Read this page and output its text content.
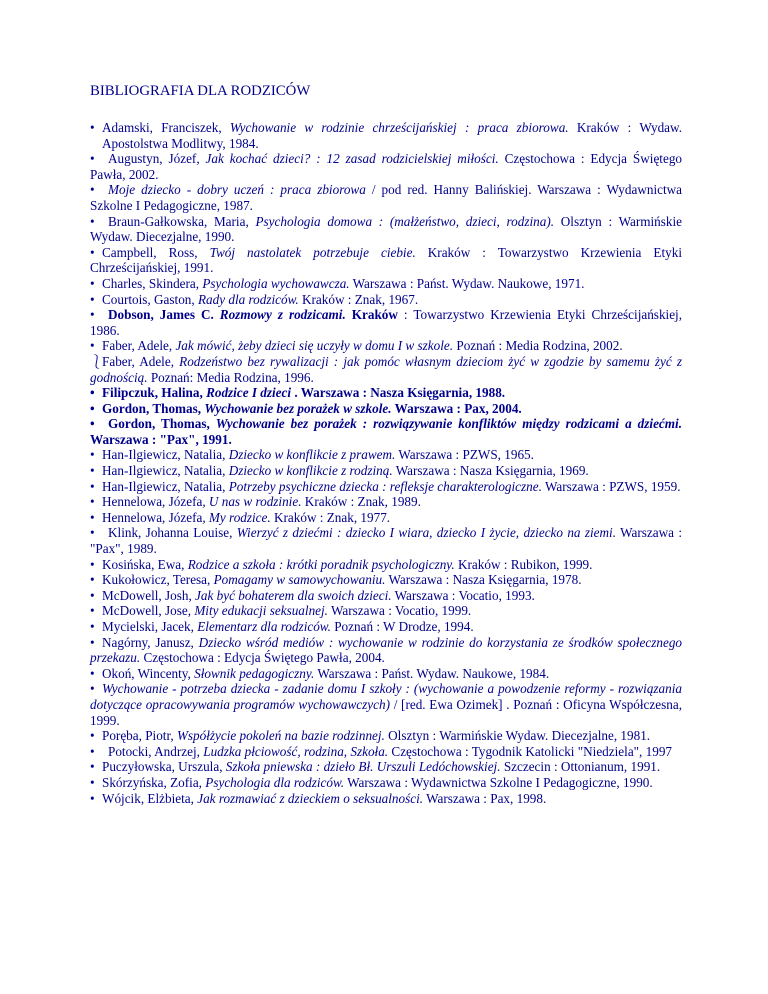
BIBLIOGRAFIA DLA RODZICÓW
• Adamski, Franciszek, Wychowanie w rodzinie chrześcijańskiej : praca zbiorowa. Kraków : Wydaw. Apostolstwa Modlitwy, 1984.
• Augustyn, Józef, Jak kochać dzieci? : 12 zasad rodzicielskiej miłości. Częstochowa : Edycja Świętego Pawła, 2002.
• Moje dziecko - dobry uczeń : praca zbiorowa / pod red. Hanny Balińskiej. Warszawa : Wydawnictwa Szkolne I Pedagogiczne, 1987.
• Braun-Gałkowska, Maria, Psychologia domowa : (małżeństwo, dzieci, rodzina). Olsztyn : Warmińskie Wydaw. Diecezjalne, 1990.
• Campbell, Ross, Twój nastolatek potrzebuje ciebie. Kraków : Towarzystwo Krzewienia Etyki Chrześcijańskiej, 1991.
• Charles, Skindera, Psychologia wychowawcza. Warszawa : Państ. Wydaw. Naukowe, 1971.
• Courtois, Gaston, Rady dla rodziców. Kraków : Znak, 1967.
• Dobson, James C. Rozmowy z rodzicami. Kraków : Towarzystwo Krzewienia Etyki Chrześcijańskiej, 1986.
• Faber, Adele, Jak mówić, żeby dzieci się uczyły w domu I w szkole. Poznań : Media Rodzina, 2002.
⎱Faber, Adele, Rodzeństwo bez rywalizacji : jak pomóc własnym dzieciom żyć w zgodzie by samemu żyć z godnością. Poznań: Media Rodzina, 1996.
• Filipczuk, Halina, Rodzice I dzieci . Warszawa : Nasza Księgarnia, 1988.
• Gordon, Thomas, Wychowanie bez porażek w szkole. Warszawa : Pax, 2004.
• Gordon, Thomas, Wychowanie bez porażek : rozwiązywanie konfliktów między rodzicami a dziećmi. Warszawa : "Pax", 1991.
• Han-Ilgiewicz, Natalia, Dziecko w konflikcie z prawem. Warszawa : PZWS, 1965.
• Han-Ilgiewicz, Natalia, Dziecko w konflikcie z rodziną. Warszawa : Nasza Księgarnia, 1969.
• Han-Ilgiewicz, Natalia, Potrzeby psychiczne dziecka : refleksje charakterologiczne. Warszawa : PZWS, 1959.
• Hennelowa, Józefa, U nas w rodzinie. Kraków : Znak, 1989.
• Hennelowa, Józefa, My rodzice. Kraków : Znak, 1977.
• Klink, Johanna Louise, Wierzyć z dziećmi : dziecko I wiara, dziecko I życie, dziecko na ziemi. Warszawa : "Pax", 1989.
• Kosińska, Ewa, Rodzice a szkoła : krótki poradnik psychologiczny. Kraków : Rubikon, 1999.
• Kukołowicz, Teresa, Pomagamy w samowychowaniu. Warszawa : Nasza Księgarnia, 1978.
• McDowell, Josh, Jak być bohaterem dla swoich dzieci. Warszawa : Vocatio, 1993.
• McDowell, Jose, Mity edukacji seksualnej. Warszawa : Vocatio, 1999.
• Mycielski, Jacek, Elementarz dla rodziców. Poznań : W Drodze, 1994.
• Nagórny, Janusz, Dziecko wśród mediów : wychowanie w rodzinie do korzystania ze środków społecznego przekazu. Częstochowa : Edycja Świętego Pawła, 2004.
• Okoń, Wincenty, Słownik pedagogiczny. Warszawa : Państ. Wydaw. Naukowe, 1984.
• Wychowanie - potrzeba dziecka - zadanie domu I szkoły : (wychowanie a powodzenie reformy - rozwiązania dotyczące opracowywania programów wychowawczych) / [red. Ewa Ozimek] . Poznań : Oficyna Współczesna, 1999.
• Poręba, Piotr, Współżycie pokoleń na bazie rodzinnej. Olsztyn : Warmińskie Wydaw. Diecezjalne, 1981.
• Potocki, Andrzej, Ludzka płciowość, rodzina, Szkoła. Częstochowa : Tygodnik Katolicki "Niedziela", 1997
• Puczyłowska, Urszula, Szkoła pniewska : dzieło Bł. Urszuli Ledóchowskiej. Szczecin : Ottonianum, 1991.
• Skórzyńska, Zofia, Psychologia dla rodziców. Warszawa : Wydawnictwa Szkolne I Pedagogiczne, 1990.
• Wójcik, Elżbieta, Jak rozmawiać z dzieckiem o seksualności. Warszawa : Pax, 1998.
